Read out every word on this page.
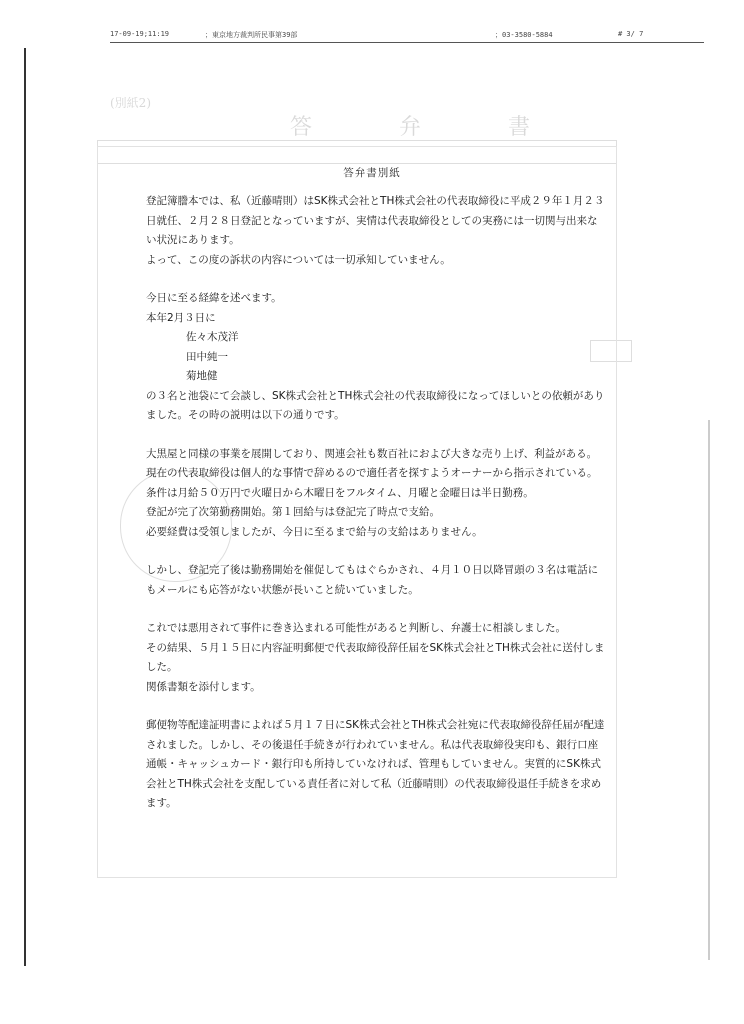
17-09-19;11:19	；東京地方裁判所民事第39部	；03-3580-5884	# 3/ 7
(別紙2)
答 弁 書
答弁書別紙

登記簿謄本では、私（近藤晴則）はSK株式会社とTH株式会社の代表取締役に平成２９年１月２３日就任、２月２８日登記となっていますが、実情は代表取締役としての実務には一切関与出来ない状況にあります。

よって、この度の訴状の内容については一切承知していません。

今日に至る経緯を述べます。

本年2月３日に

佐々木茂洋

田中純一

菊地健

の３名と池袋にて会談し、SK株式会社とTH株式会社の代表取締役になってほしいとの依頼がありました。その時の説明は以下の通りです。

大黒屋と同様の事業を展開しており、関連会社も数百社におよび大きな売り上げ、利益がある。現在の代表取締役は個人的な事情で辞めるので適任者を探すようオーナーから指示されている。

条件は月給５０万円で火曜日から木曜日をフルタイム、月曜と金曜日は半日勤務。

登記が完了次第勤務開始。第１回給与は登記完了時点で支給。

必要経費は受領しましたが、今日に至るまで給与の支給はありません。

しかし、登記完了後は勤務開始を催促してもはぐらかされ、４月１０日以降冒頭の３名は電話にもメールにも応答がない状態が長いこと続いていました。

これでは悪用されて事件に巻き込まれる可能性があると判断し、弁護士に相談しました。

その結果、５月１５日に内容証明郵便で代表取締役辞任届をSK株式会社とTH株式会社に送付しました。

関係書類を添付します。

郵便物等配達証明書によれば５月１７日にSK株式会社とTH株式会社宛に代表取締役辞任届が配達されました。しかし、その後退任手続きが行われていません。私は代表取締役実印も、銀行口座通帳・キャッシュカード・銀行印も所持していなければ、管理もしていません。実質的にSK株式会社とTH株式会社を支配している責任者に対して私（近藤晴則）の代表取締役退任手続きを求めます。
